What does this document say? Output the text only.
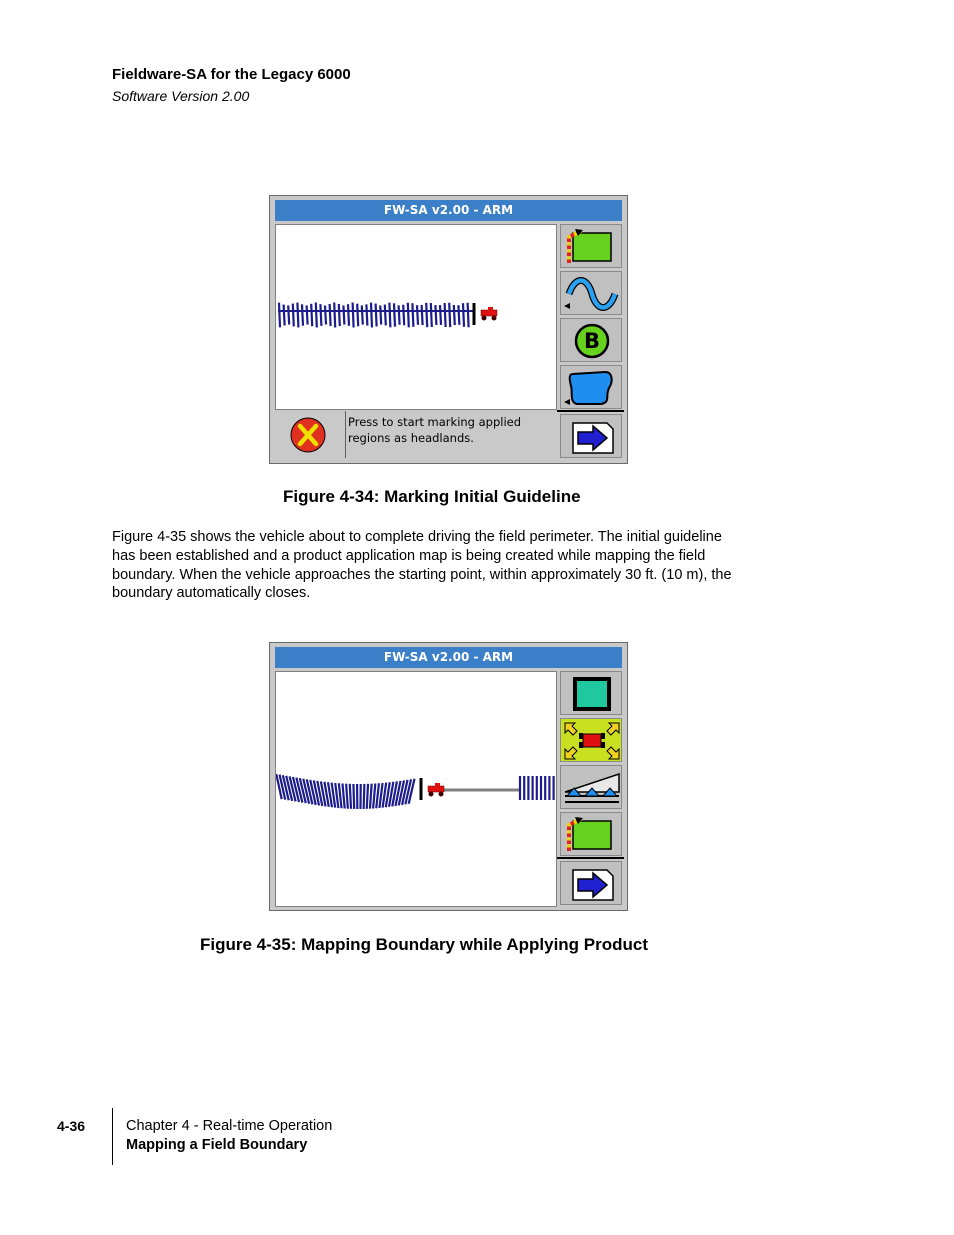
Fieldware-SA for the Legacy 6000
Software Version 2.00
FW-SA v2.00 - ARM
B
Press to start marking applied
regions as headlands.
Figure 4-34: Marking Initial Guideline

Figure 4-35 shows the vehicle about to complete driving the field perimeter. The initial guideline

has been established and a product application map is being created while mapping the field

boundary. When the vehicle approaches the starting point, within approximately 30 ft. (10 m), the

boundary automatically closes.

FW-SA v2.00 - ARM
Figure 4-35: Mapping Boundary while Applying Product
4-36	Chapter 4 - Real-time Operation
Mapping a Field Boundary
